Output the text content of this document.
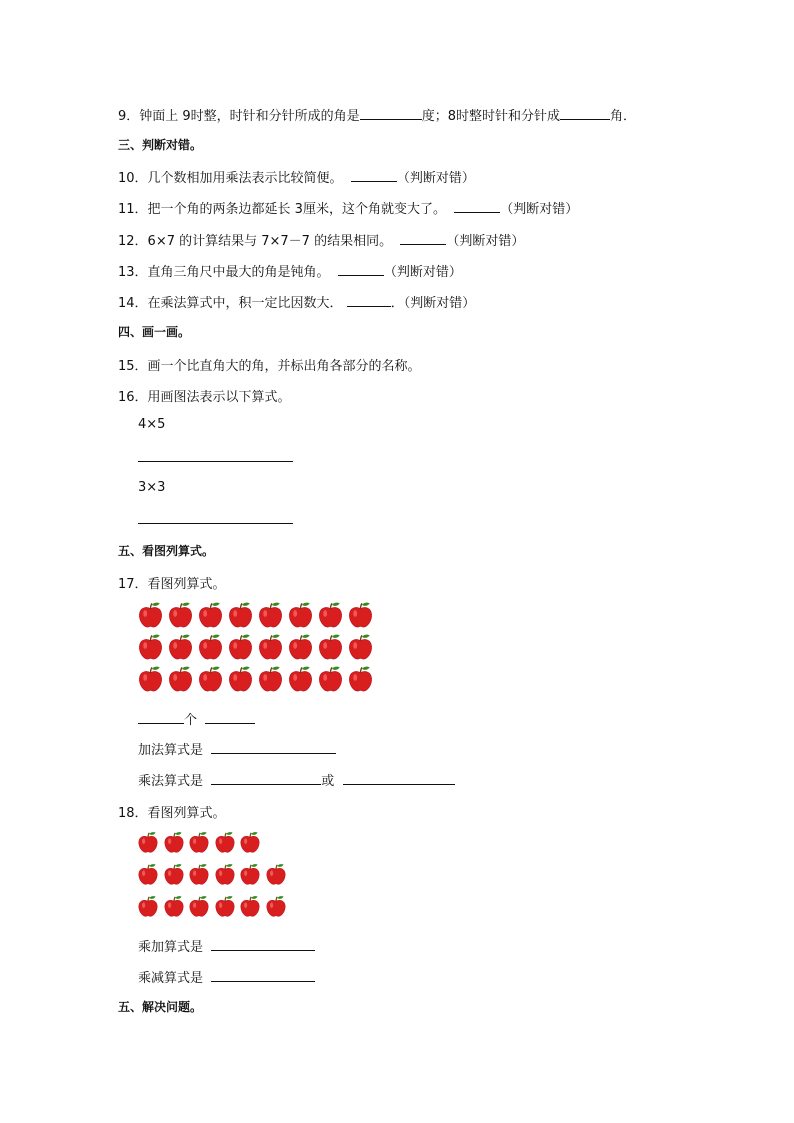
9．钟面上 9时整，时针和分针所成的角是	度；8时整时针和分针成	角．
三、判断对错。
10．几个数相加用乘法表示比较简便。	（判断对错）
11．把一个角的两条边都延长 3厘米，这个角就变大了。	（判断对错）
12．6×7 的计算结果与 7×7－7 的结果相同。	（判断对错）
13．直角三角尺中最大的角是钝角。	（判断对错）
14．在乘法算式中，积一定比因数大．	．（判断对错）
四、画一画。
15．画一个比直角大的角，并标出角各部分的名称。
16．用画图法表示以下算式。
4×5
3×3
五、看图列算式。
17．看图列算式。
个
加法算式是
乘法算式是	或
18．看图列算式。
乘加算式是
乘减算式是
五、解决问题。
